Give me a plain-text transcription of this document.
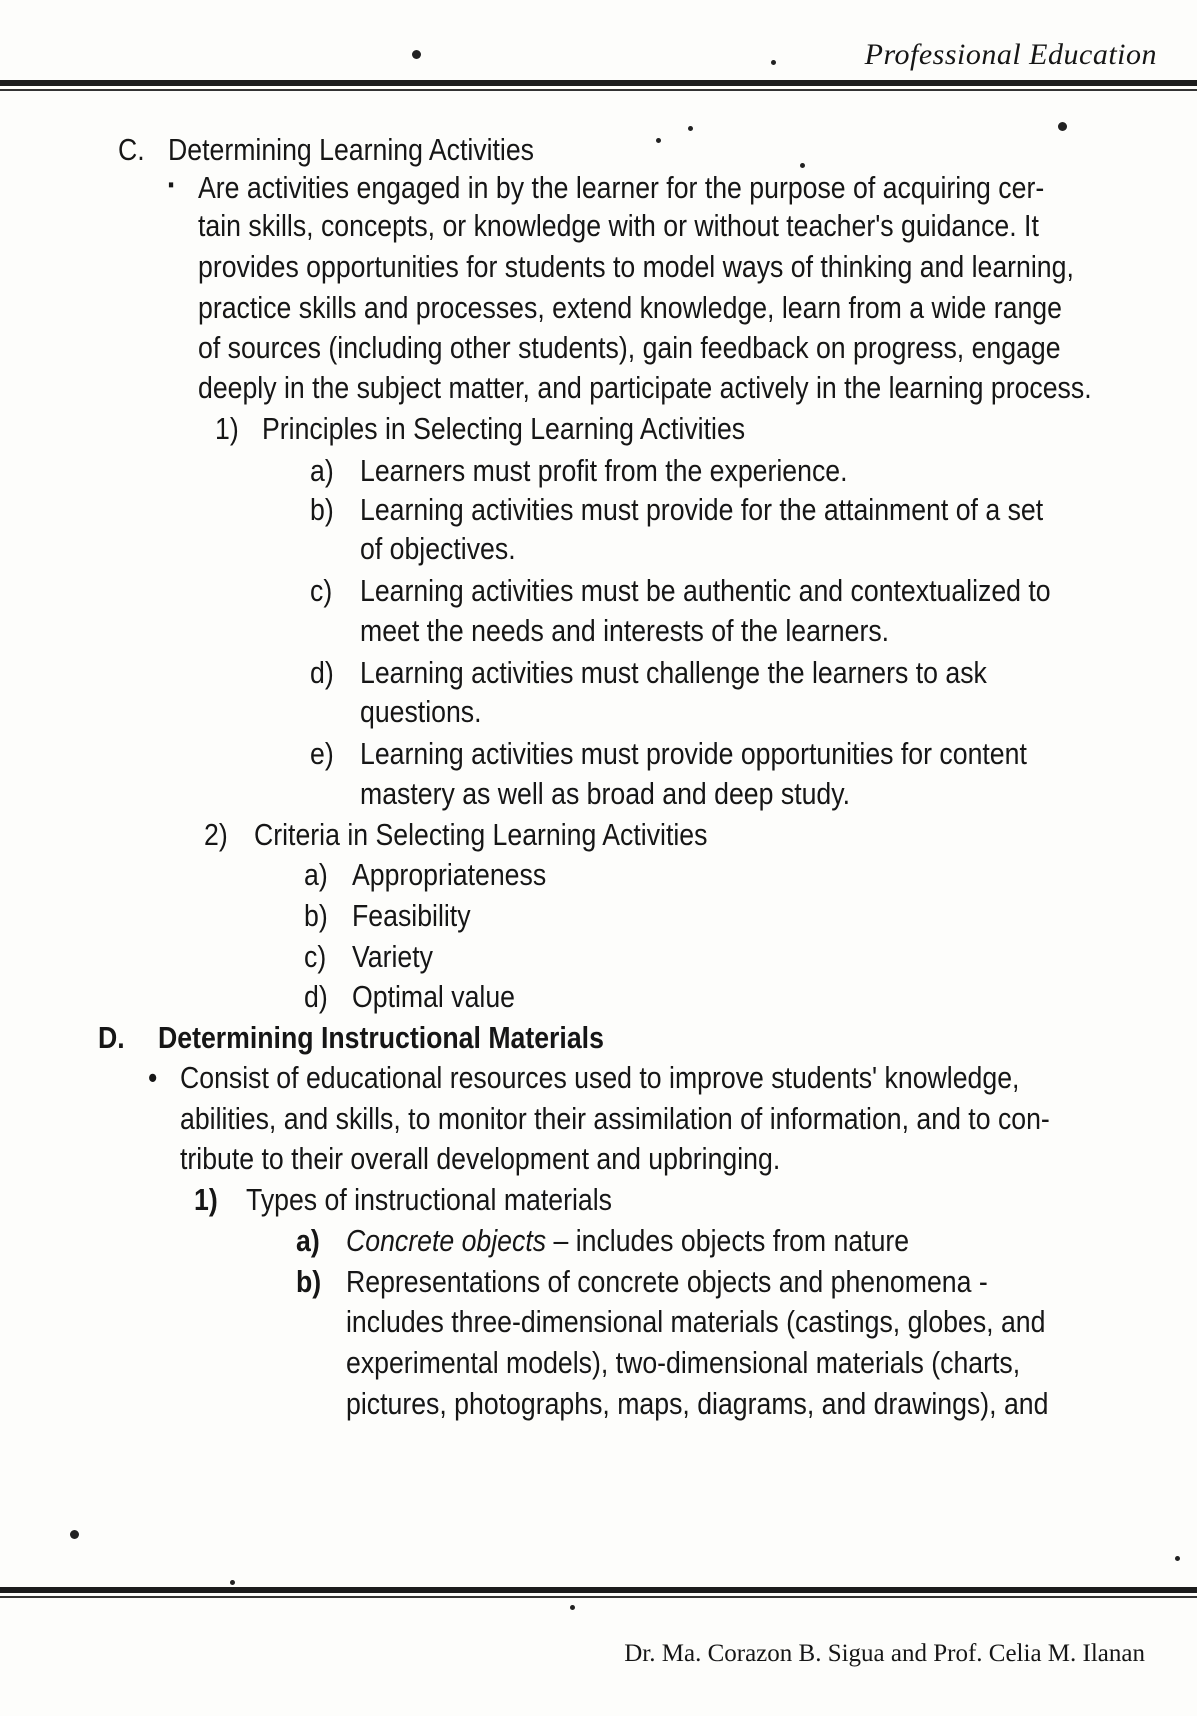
Professional Education
C. Determining Learning Activities
▪ Are activities engaged in by the learner for the purpose of acquiring cer-
tain skills, concepts, or knowledge with or without teacher's guidance. It
provides opportunities for students to model ways of thinking and learning,
practice skills and processes, extend knowledge, learn from a wide range
of sources (including other students), gain feedback on progress, engage
deeply in the subject matter, and participate actively in the learning process.
1) Principles in Selecting Learning Activities
a) Learners must profit from the experience.
b) Learning activities must provide for the attainment of a set
of objectives.
c) Learning activities must be authentic and contextualized to
meet the needs and interests of the learners.
d) Learning activities must challenge the learners to ask
questions.
e) Learning activities must provide opportunities for content
mastery as well as broad and deep study.
2) Criteria in Selecting Learning Activities
a) Appropriateness
b) Feasibility
c) Variety
d) Optimal value
D. Determining Instructional Materials
• Consist of educational resources used to improve students' knowledge,
abilities, and skills, to monitor their assimilation of information, and to con-
tribute to their overall development and upbringing.
1) Types of instructional materials
a) Concrete objects – includes objects from nature
b) Representations of concrete objects and phenomena -
includes three-dimensional materials (castings, globes, and
experimental models), two-dimensional materials (charts,
pictures, photographs, maps, diagrams, and drawings), and
Dr. Ma. Corazon B. Sigua and Prof. Celia M. Ilanan
